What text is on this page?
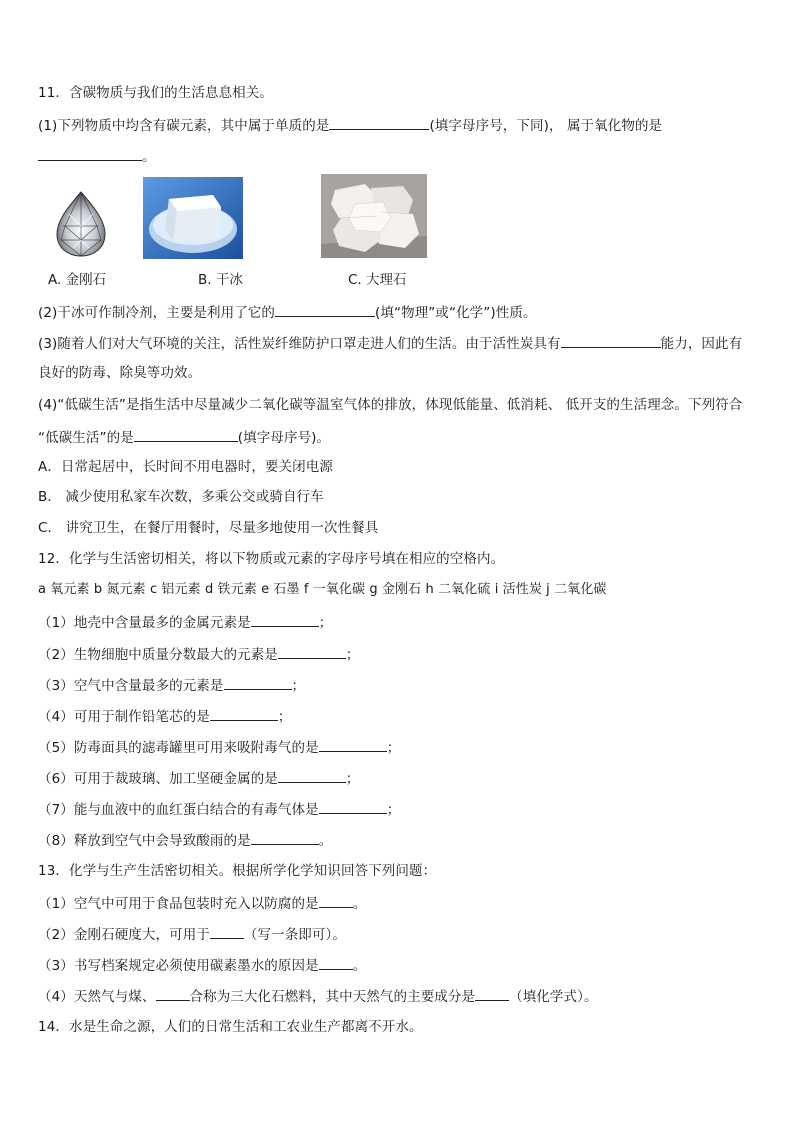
11．含碳物质与我们的生活息息相关。
(1)下列物质中均含有碳元素，其中属于单质的是	(填字母序号，下同)， 属于氧化物的是
。
A. 金刚石	B. 干冰	C. 大理石
(2)干冰可作制冷剂，主要是利用了它的	(填“物理”或“化学”)性质。
(3)随着人们对大气环境的关注，活性炭纤维防护口罩走进人们的生活。由于活性炭具有	能力，因此有
良好的防毒、除臭等功效。
(4)“低碳生活”是指生活中尽量减少二氧化碳等温室气体的排放，体现低能量、低消耗、 低开支的生活理念。下列符合
“低碳生活”的是	(填字母序号)。
A．日常起居中，长时间不用电器时，要关闭电源
B． 减少使用私家车次数，多乘公交或骑自行车
C． 讲究卫生，在餐厅用餐时，尽量多地使用一次性餐具
12．化学与生活密切相关，将以下物质或元素的字母序号填在相应的空格内。
a 氧元素 b 氮元素 c 铝元素 d 铁元素 e 石墨 f 一氧化碳 g 金刚石 h 二氧化硫 i 活性炭 j 二氧化碳
（1）地壳中含量最多的金属元素是	；
（2）生物细胞中质量分数最大的元素是	；
（3）空气中含量最多的元素是	；
（4）可用于制作铅笔芯的是	；
（5）防毒面具的滤毒罐里可用来吸附毒气的是	；
（6）可用于裁玻璃、加工坚硬金属的是	；
（7）能与血液中的血红蛋白结合的有毒气体是	；
（8）释放到空气中会导致酸雨的是	。
13．化学与生产生活密切相关。根据所学化学知识回答下列问题：
（1）空气中可用于食品包装时充入以防腐的是	。
（2）金刚石硬度大，可用于	（写一条即可）。
（3）书写档案规定必须使用碳素墨水的原因是	。
（4）天然气与煤、	合称为三大化石燃料，其中天然气的主要成分是	（填化学式）。
14．水是生命之源，人们的日常生活和工农业生产都离不开水。
